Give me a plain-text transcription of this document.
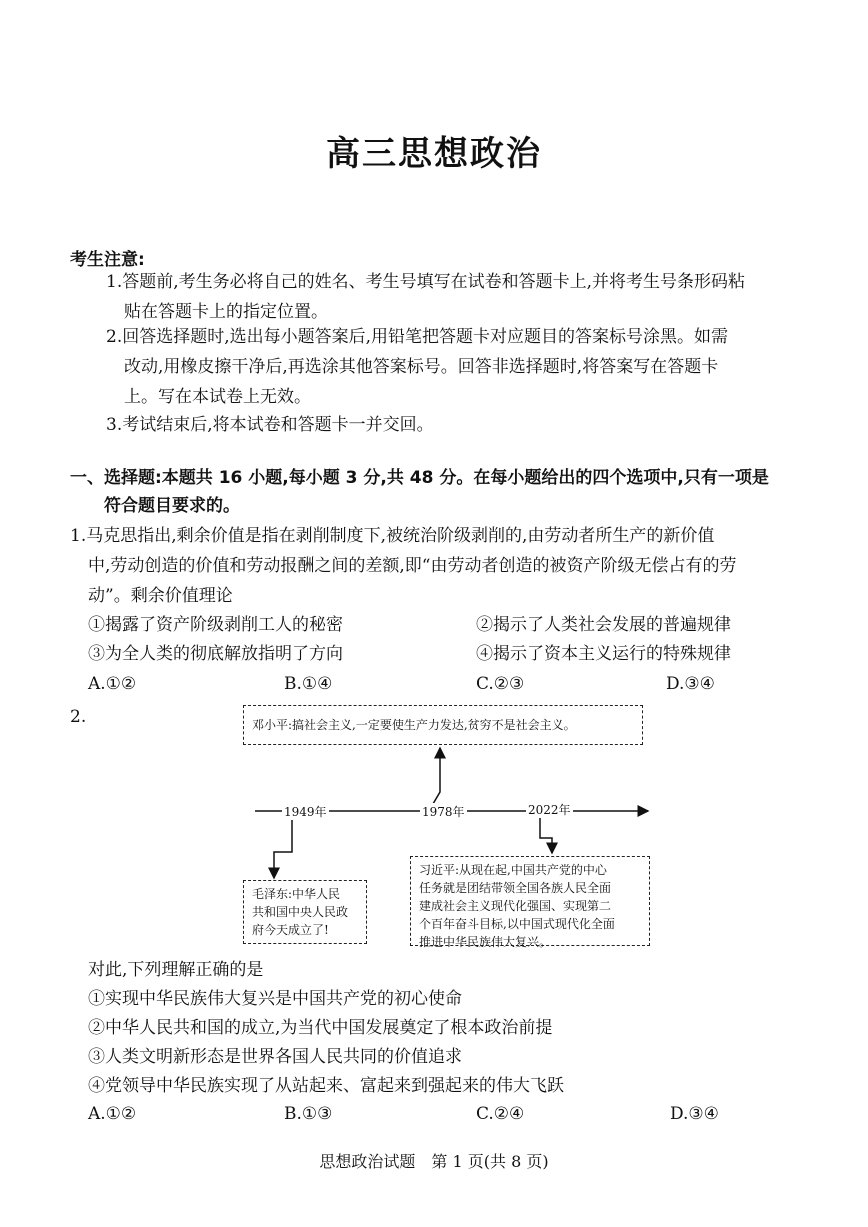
高三思想政治
考生注意:
1.答题前,考生务必将自己的姓名、考生号填写在试卷和答题卡上,并将考生号条形码粘
贴在答题卡上的指定位置。
2.回答选择题时,选出每小题答案后,用铅笔把答题卡对应题目的答案标号涂黑。如需
改动,用橡皮擦干净后,再选涂其他答案标号。回答非选择题时,将答案写在答题卡
上。写在本试卷上无效。
3.考试结束后,将本试卷和答题卡一并交回。
一、选择题:本题共 16 小题,每小题 3 分,共 48 分。在每小题给出的四个选项中,只有一项是
符合题目要求的。
1.马克思指出,剩余价值是指在剥削制度下,被统治阶级剥削的,由劳动者所生产的新价值
中,劳动创造的价值和劳动报酬之间的差额,即“由劳动者创造的被资产阶级无偿占有的劳
动”。剩余价值理论
①揭露了资产阶级剥削工人的秘密	②揭示了人类社会发展的普遍规律
③为全人类的彻底解放指明了方向	④揭示了资本主义运行的特殊规律
A.①②	B.①④	C.②③	D.③④
2.
1949年	1978年	2022年
邓小平:搞社会主义,一定要使生产力发达,贫穷不是社会主义。
毛泽东:中华人民
共和国中央人民政
府今天成立了!
习近平:从现在起,中国共产党的中心
任务就是团结带领全国各族人民全面
建成社会主义现代化强国、实现第二
个百年奋斗目标,以中国式现代化全面
推进中华民族伟大复兴。
对此,下列理解正确的是
①实现中华民族伟大复兴是中国共产党的初心使命
②中华人民共和国的成立,为当代中国发展奠定了根本政治前提
③人类文明新形态是世界各国人民共同的价值追求
④党领导中华民族实现了从站起来、富起来到强起来的伟大飞跃
A.①②	B.①③	C.②④	D.③④
思想政治试题　第 1 页(共 8 页)
